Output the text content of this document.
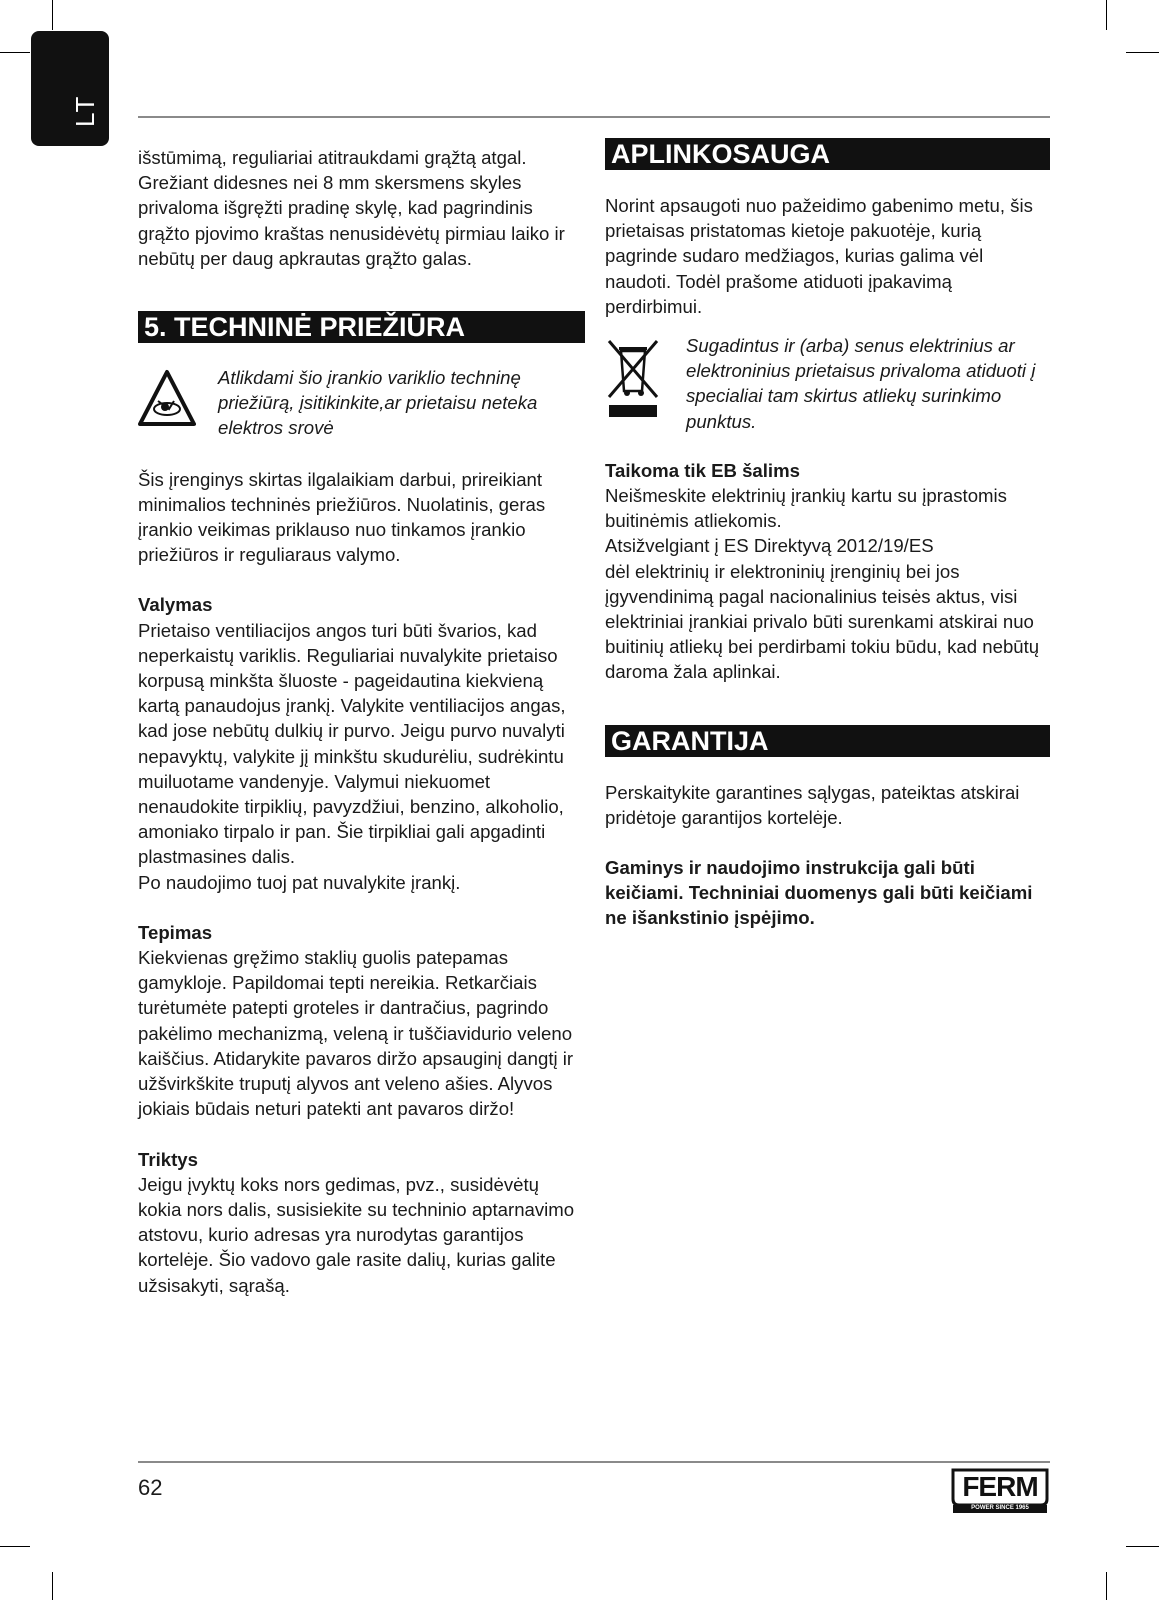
LT

išstūmimą, reguliariai atitraukdami grąžtą atgal. Grežiant didesnes nei 8 mm skersmens skyles privaloma išgręžti pradinę skylę, kad pagrindinis grąžto pjovimo kraštas nenusidėvėtų pirmiau laiko ir nebūtų per daug apkrautas grąžto galas.

5. TECHNINĖ PRIEŽIŪRA

Atlikdami šio įrankio variklio techninę priežiūrą, įsitikinkite,ar prietaisu neteka elektros srovė

Šis įrenginys skirtas ilgalaikiam darbui, prireikiant minimalios techninės priežiūros. Nuolatinis, geras įrankio veikimas priklauso nuo tinkamos įrankio priežiūros ir reguliaraus valymo.

Valymas

Prietaiso ventiliacijos angos turi būti švarios, kad neperkaistų variklis. Reguliariai nuvalykite prietaiso korpusą minkšta šluoste - pageidautina kiekvieną kartą panaudojus įrankį. Valykite ventiliacijos angas, kad jose nebūtų dulkių ir purvo. Jeigu purvo nuvalyti nepavyktų, valykite jį minkštu skudurėliu, sudrėkintu muiluotame vandenyje. Valymui niekuomet nenaudokite tirpiklių, pavyzdžiui, benzino, alkoholio, amoniako tirpalo ir pan. Šie tirpikliai gali apgadinti plastmasines dalis.

Po naudojimo tuoj pat nuvalykite įrankį.

Tepimas

Kiekvienas gręžimo staklių guolis patepamas gamykloje. Papildomai tepti nereikia. Retkarčiais turėtumėte patepti groteles ir dantračius, pagrindo pakėlimo mechanizmą, veleną ir tuščiavidurio veleno kaiščius. Atidarykite pavaros diržo apsauginį dangtį ir užšvirkškite truputį alyvos ant veleno ašies. Alyvos jokiais būdais neturi patekti ant pavaros diržo!

Triktys

Jeigu įvyktų koks nors gedimas, pvz., susidėvėtų kokia nors dalis, susisiekite su techninio aptarnavimo atstovu, kurio adresas yra nurodytas garantijos kortelėje. Šio vadovo gale rasite dalių, kurias galite užsisakyti, sąrašą.

APLINKOSAUGA

Norint apsaugoti nuo pažeidimo gabenimo metu, šis prietaisas pristatomas kietoje pakuotėje, kurią pagrinde sudaro medžiagos, kurias galima vėl naudoti. Todėl prašome atiduoti įpakavimą perdirbimui.

Sugadintus ir (arba) senus elektrinius ar elektroninius prietaisus privaloma atiduoti į specialiai tam skirtus atliekų surinkimo punktus.

Taikoma tik EB šalims

Neišmeskite elektrinių įrankių kartu su įprastomis buitinėmis atliekomis.

Atsižvelgiant į ES Direktyvą 2012/19/ES

dėl elektrinių ir elektroninių įrenginių bei jos įgyvendinimą pagal nacionalinius teisės aktus, visi elektriniai įrankiai privalo būti surenkami atskirai nuo buitinių atliekų bei perdirbami tokiu būdu, kad nebūtų daroma žala aplinkai.

GARANTIJA

Perskaitykite garantines sąlygas, pateiktas atskirai pridėtoje garantijos kortelėje.

Gaminys ir naudojimo instrukcija gali būti keičiami. Techniniai duomenys gali būti keičiami ne išankstinio įspėjimo.

62	FERM
POWER SINCE 1965
